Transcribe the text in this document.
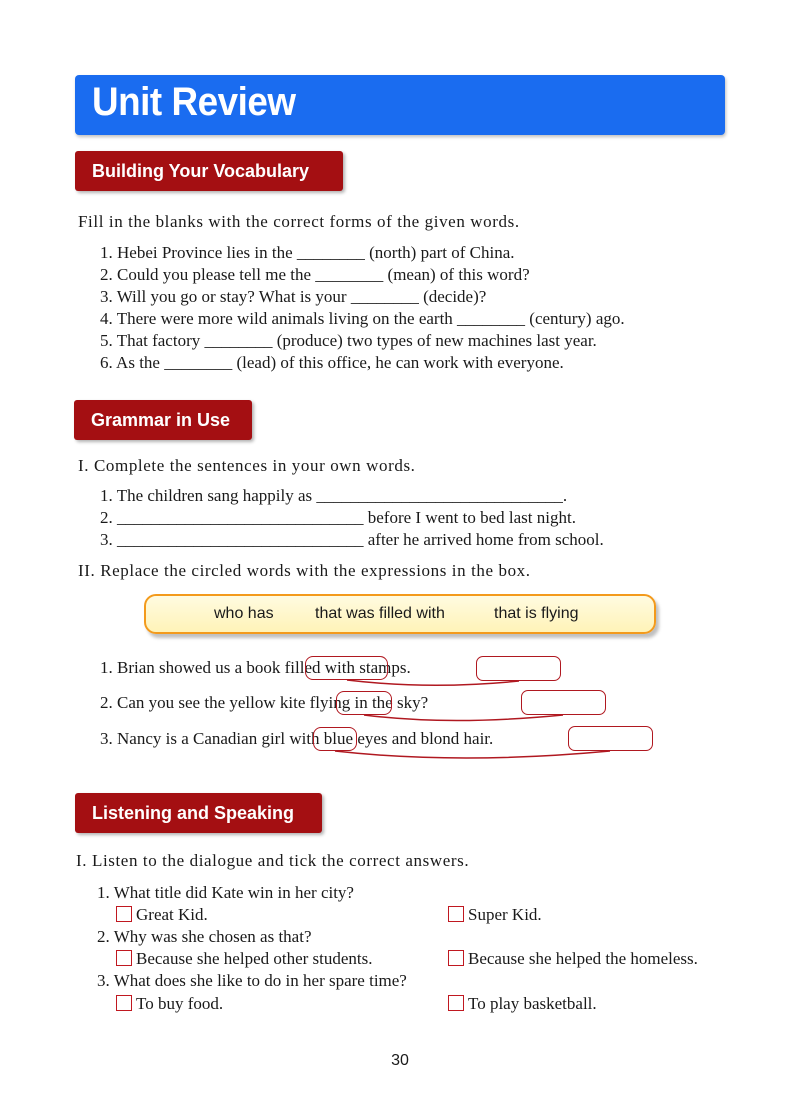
Unit Review
Building Your Vocabulary
Fill in the blanks with the correct forms of the given words.
1. Hebei Province lies in the ________ (north) part of China.
2. Could you please tell me the ________ (mean) of this word?
3. Will you go or stay? What is your ________ (decide)?
4. There were more wild animals living on the earth ________ (century) ago.
5. That factory ________ (produce) two types of new machines last year.
6. As the ________ (lead) of this office, he can work with everyone.
Grammar in Use
I. Complete the sentences in your own words.
1. The children sang happily as _____________________________.
2. _____________________________ before I went to bed last night.
3. _____________________________ after he arrived home from school.
II. Replace the circled words with the expressions in the box.
who has	that was filled with	that is flying
1. Brian showed us a book filled with stamps.
2. Can you see the yellow kite flying in the sky?
3. Nancy is a Canadian girl with blue eyes and blond hair.
Listening and Speaking
I. Listen to the dialogue and tick the correct answers.
1. What title did Kate win in her city?
Great Kid.	Super Kid.
2. Why was she chosen as that?
Because she helped other students.	Because she helped the homeless.
3. What does she like to do in her spare time?
To buy food.	To play basketball.
30
